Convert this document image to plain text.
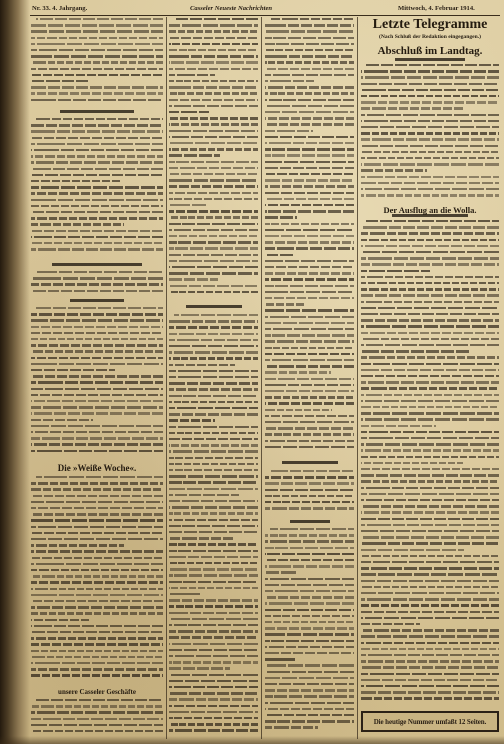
Nr. 33. 4. Jahrgang.	Casseler Neueste Nachrichten	Mittwoch, 4. Februar 1914.
Die »Weiße Woche«.
unsere Casseler Geschäfte
Letzte Telegramme
(Nach Schluß der Redaktion eingegangen.)
Abschluß im Landtag.
Der Ausflug an die Wolla.
Die heutige Nummer umfaßt 12 Seiten.
